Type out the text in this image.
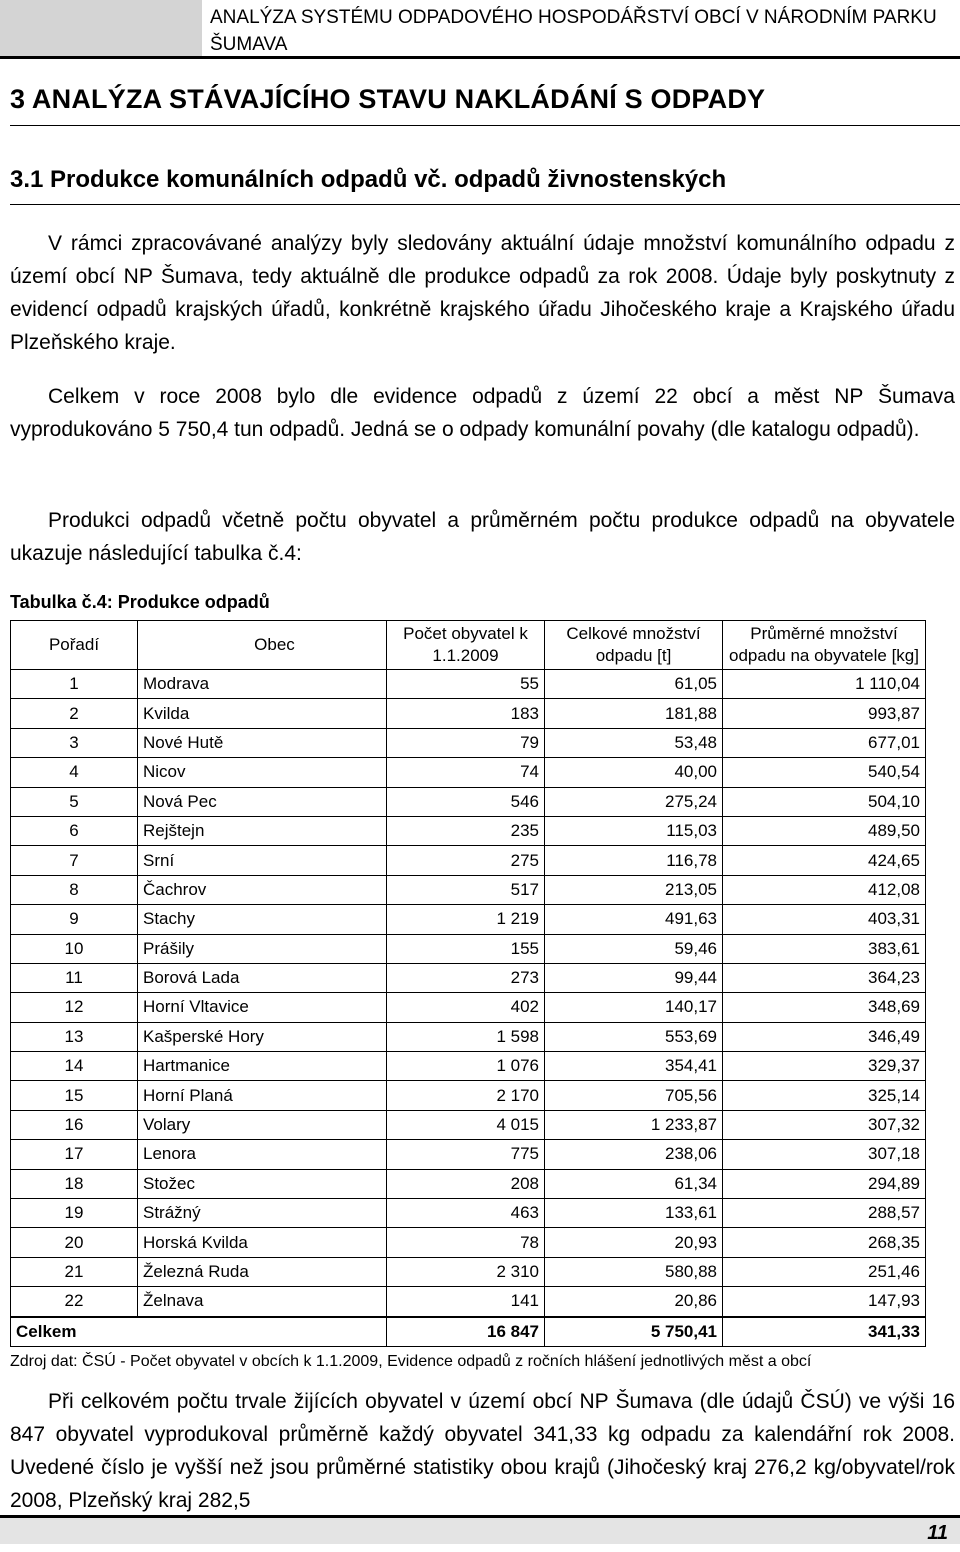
ANALÝZA SYSTÉMU ODPADOVÉHO HOSPODÁŘSTVÍ OBCÍ V NÁRODNÍM PARKU ŠUMAVA
3 ANALÝZA STÁVAJÍCÍHO STAVU NAKLÁDÁNÍ S ODPADY
3.1 Produkce komunálních odpadů vč. odpadů živnostenských

V rámci zpracovávané analýzy byly sledovány aktuální údaje množství komunálního odpadu z území obcí NP Šumava, tedy aktuálně dle produkce odpadů za rok 2008. Údaje byly poskytnuty z evidencí odpadů krajských úřadů, konkrétně krajského úřadu Jihočeského kraje a Krajského úřadu Plzeňského kraje.

Celkem v roce 2008 bylo dle evidence odpadů z území 22 obcí a měst NP Šumava vyprodukováno 5 750,4 tun odpadů. Jedná se o odpady komunální povahy (dle katalogu odpadů).

Produkci odpadů včetně počtu obyvatel a průměrném počtu produkce odpadů na obyvatele ukazuje následující tabulka č.4:

Tabulka č.4: Produkce odpadů
Pořadí	Obec	Počet obyvatel k 1.1.2009	Celkové množství odpadu [t]	Průměrné množství odpadu na obyvatele [kg]
1	Modrava	55	61,05	1 110,04
2	Kvilda	183	181,88	993,87
3	Nové Hutě	79	53,48	677,01
4	Nicov	74	40,00	540,54
5	Nová Pec	546	275,24	504,10
6	Rejštejn	235	115,03	489,50
7	Srní	275	116,78	424,65
8	Čachrov	517	213,05	412,08
9	Stachy	1 219	491,63	403,31
10	Prášily	155	59,46	383,61
11	Borová Lada	273	99,44	364,23
12	Horní Vltavice	402	140,17	348,69
13	Kašperské Hory	1 598	553,69	346,49
14	Hartmanice	1 076	354,41	329,37
15	Horní Planá	2 170	705,56	325,14
16	Volary	4 015	1 233,87	307,32
17	Lenora	775	238,06	307,18
18	Stožec	208	61,34	294,89
19	Strážný	463	133,61	288,57
20	Horská Kvilda	78	20,93	268,35
21	Železná Ruda	2 310	580,88	251,46
22	Želnava	141	20,86	147,93
Celkem		16 847	5 750,41	341,33
Zdroj dat: ČSÚ - Počet obyvatel v obcích k 1.1.2009, Evidence odpadů z ročních hlášení jednotlivých měst a obcí

Při celkovém počtu trvale žijících obyvatel v území obcí NP Šumava (dle údajů ČSÚ) ve výši 16 847 obyvatel vyprodukoval průměrně každý obyvatel 341,33 kg odpadu za kalendářní rok 2008. Uvedené číslo je vyšší než jsou průměrné statistiky obou krajů (Jihočeský kraj 276,2 kg/obyvatel/rok 2008, Plzeňský kraj 282,5

11
